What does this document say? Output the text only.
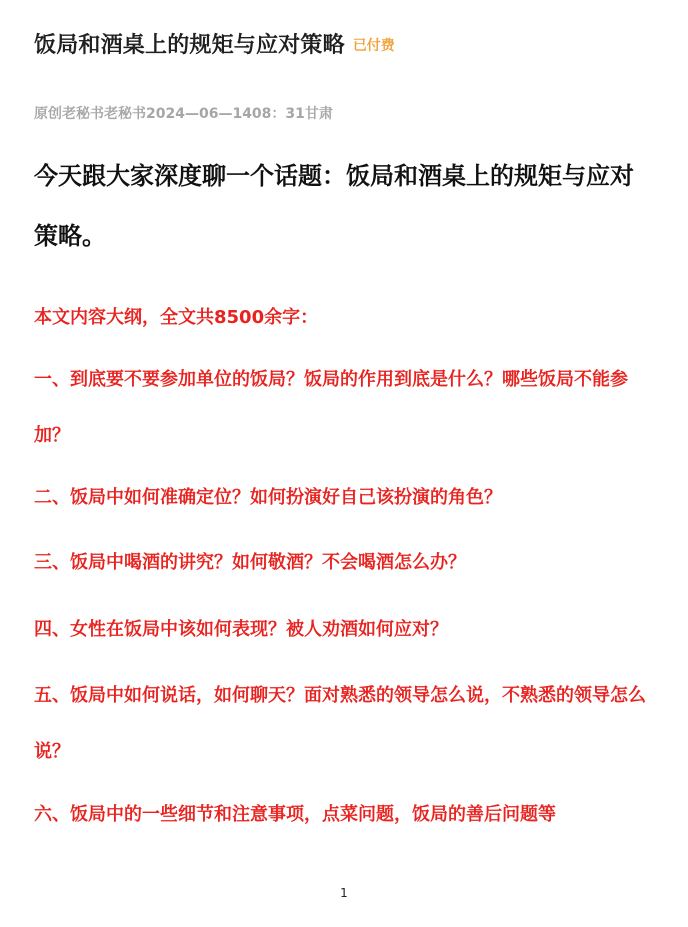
饭局和酒桌上的规矩与应对策略 已付费
原创老秘书老秘书2024—06—1408：31甘肃
今天跟大家深度聊一个话题：饭局和酒桌上的规矩与应对策略。
本文内容大纲，全文共8500余字：
一、到底要不要参加单位的饭局？饭局的作用到底是什么？哪些饭局不能参加？
二、饭局中如何准确定位？如何扮演好自己该扮演的角色？
三、饭局中喝酒的讲究？如何敬酒？不会喝酒怎么办？
四、女性在饭局中该如何表现？被人劝酒如何应对？
五、饭局中如何说话，如何聊天？面对熟悉的领导怎么说，不熟悉的领导怎么说？
六、饭局中的一些细节和注意事项，点菜问题，饭局的善后问题等
1
